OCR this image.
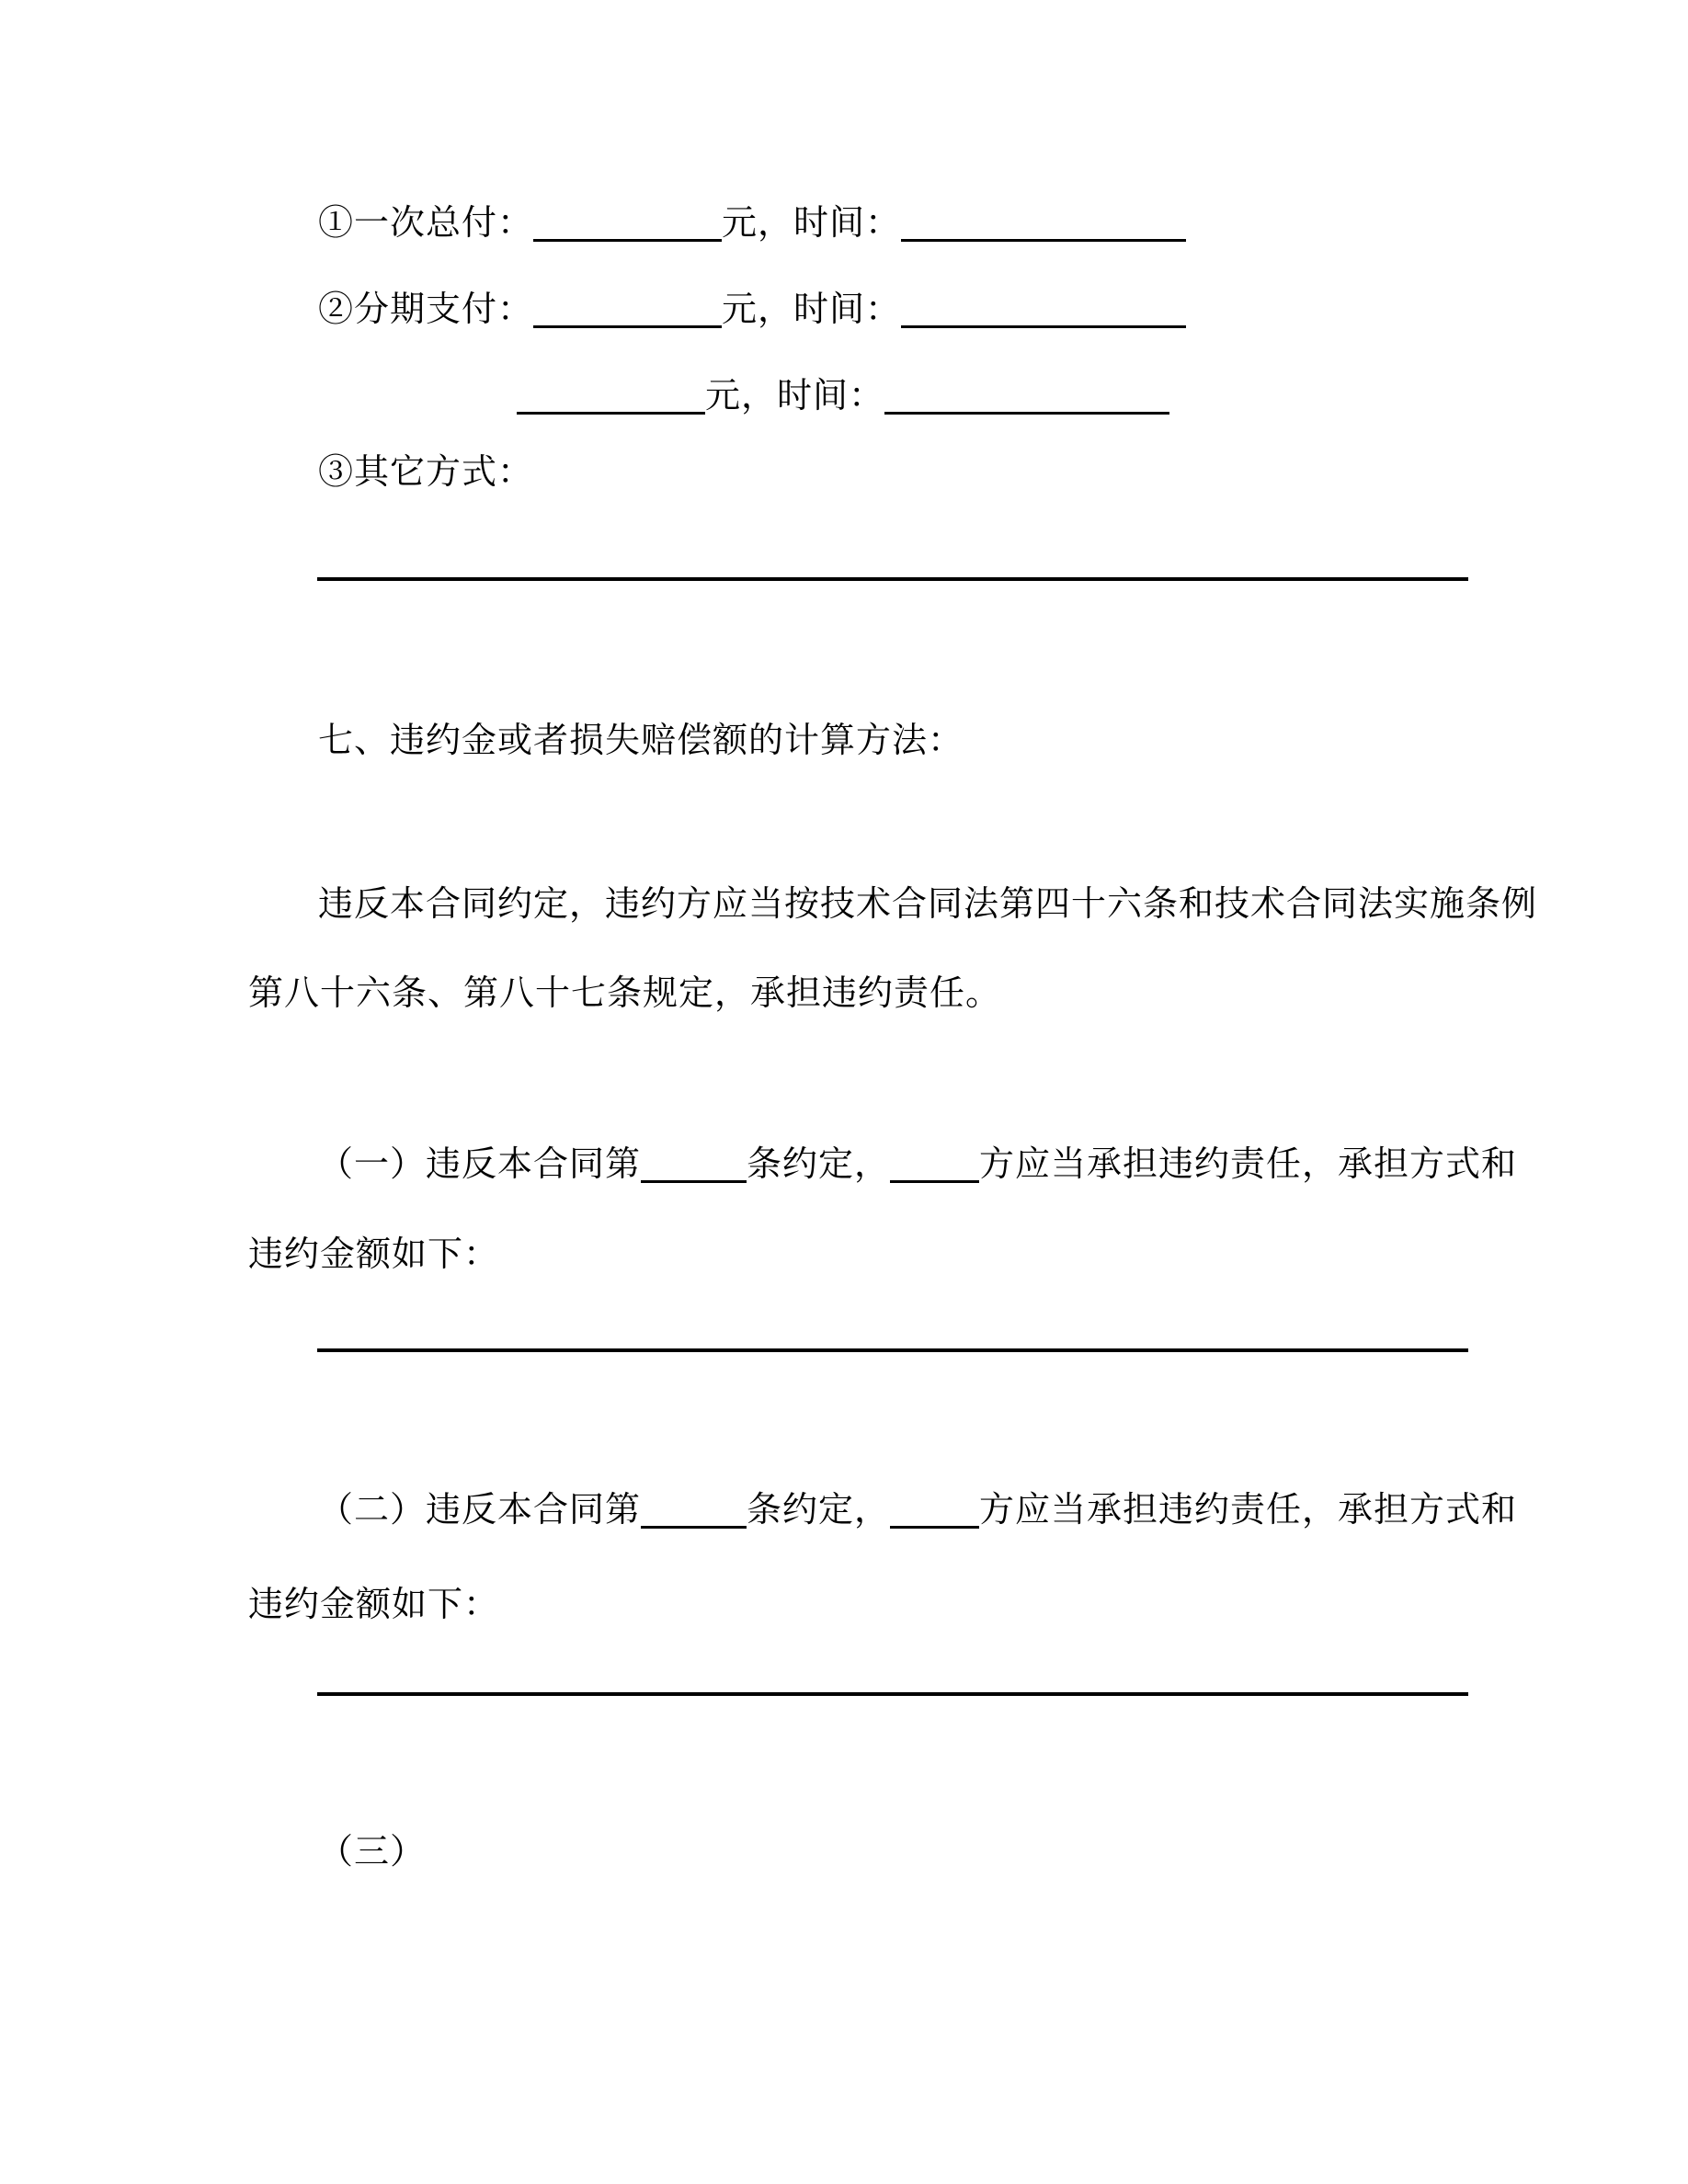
①一次总付：	元，时间：
②分期支付：	元，时间：
元，时间：
③其它方式：
七、违约金或者损失赔偿额的计算方法：
违反本合同约定，违约方应当按技术合同法第四十六条和技术合同法实施条例
第八十六条、第八十七条规定，承担违约责任。
（一）违反本合同第	条约定，	方应当承担违约责任，承担方式和
违约金额如下：
（二）违反本合同第	条约定，	方应当承担违约责任，承担方式和
违约金额如下：
（三）
